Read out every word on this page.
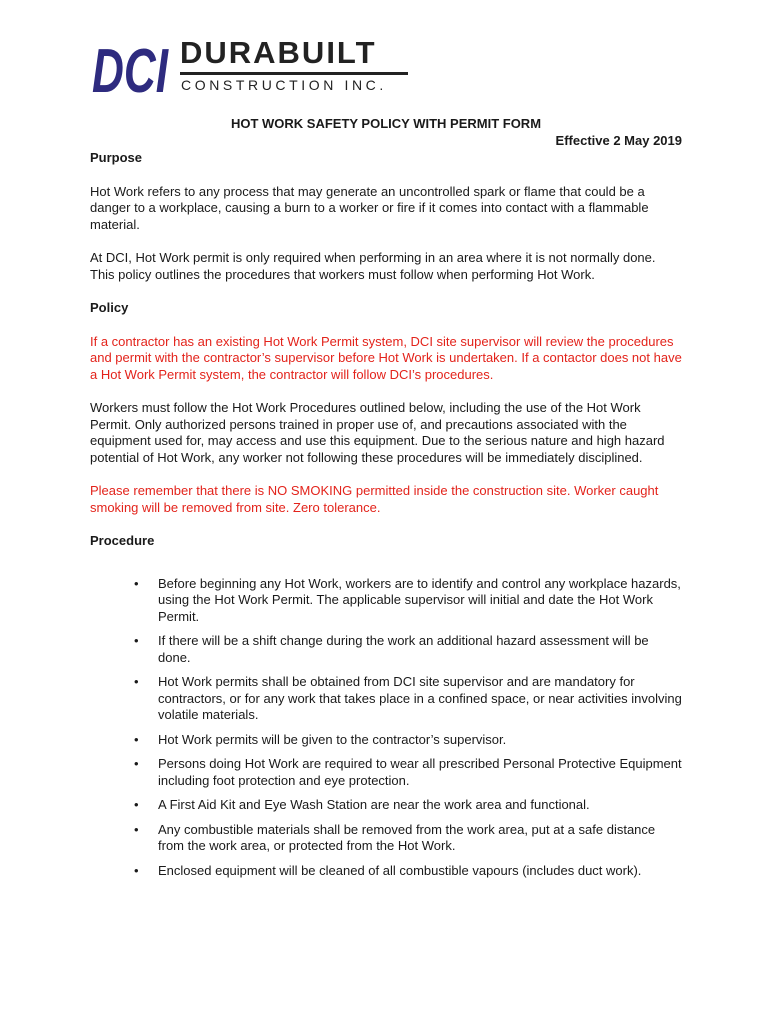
DCI DURABUILT
CONSTRUCTION INC.

HOT WORK SAFETY POLICY WITH PERMIT FORM

Effective 2 May 2019

Purpose

Hot Work refers to any process that may generate an uncontrolled spark or flame that could be a danger to a workplace, causing a burn to a worker or fire if it comes into contact with a flammable material.

At DCI, Hot Work permit is only required when performing in an area where it is not normally done. This policy outlines the procedures that workers must follow when performing Hot Work.

Policy

If a contractor has an existing Hot Work Permit system, DCI site supervisor will review the procedures and permit with the contractor’s supervisor before Hot Work is undertaken. If a contactor does not have a Hot Work Permit system, the contractor will follow DCI’s procedures.

Workers must follow the Hot Work Procedures outlined below, including the use of the Hot Work Permit. Only authorized persons trained in proper use of, and precautions associated with the equipment used for, may access and use this equipment. Due to the serious nature and high hazard potential of Hot Work, any worker not following these procedures will be immediately disciplined.

Please remember that there is NO SMOKING permitted inside the construction site. Worker caught smoking will be removed from site. Zero tolerance.

Procedure
• Before beginning any Hot Work, workers are to identify and control any workplace hazards, using the Hot Work Permit. The applicable supervisor will initial and date the Hot Work Permit.
• If there will be a shift change during the work an additional hazard assessment will be done.
• Hot Work permits shall be obtained from DCI site supervisor and are mandatory for contractors, or for any work that takes place in a confined space, or near activities involving volatile materials.
• Hot Work permits will be given to the contractor’s supervisor.
• Persons doing Hot Work are required to wear all prescribed Personal Protective Equipment including foot protection and eye protection.
• A First Aid Kit and Eye Wash Station are near the work area and functional.
• Any combustible materials shall be removed from the work area, put at a safe distance from the work area, or protected from the Hot Work.
• Enclosed equipment will be cleaned of all combustible vapours (includes duct work).
